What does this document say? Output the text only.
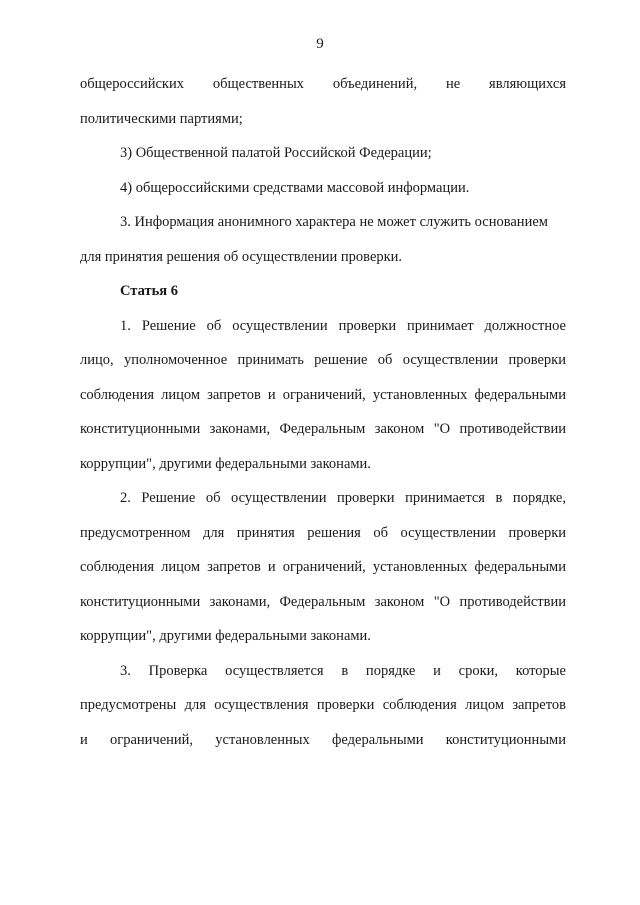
9
общероссийских общественных объединений, не являющихся
политическими партиями;
3) Общественной палатой Российской Федерации;
4) общероссийскими средствами массовой информации.
3. Информация анонимного характера не может служить основанием
для принятия решения об осуществлении проверки.
Статья 6
1. Решение об осуществлении проверки принимает должностное
лицо, уполномоченное принимать решение об осуществлении проверки
соблюдения лицом запретов и ограничений, установленных федеральными
конституционными законами, Федеральным законом "О противодействии
коррупции", другими федеральными законами.
2. Решение об осуществлении проверки принимается в порядке,
предусмотренном для принятия решения об осуществлении проверки
соблюдения лицом запретов и ограничений, установленных федеральными
конституционными законами, Федеральным законом "О противодействии
коррупции", другими федеральными законами.
3. Проверка осуществляется в порядке и сроки, которые
предусмотрены для осуществления проверки соблюдения лицом запретов
и ограничений, установленных федеральными конституционными
